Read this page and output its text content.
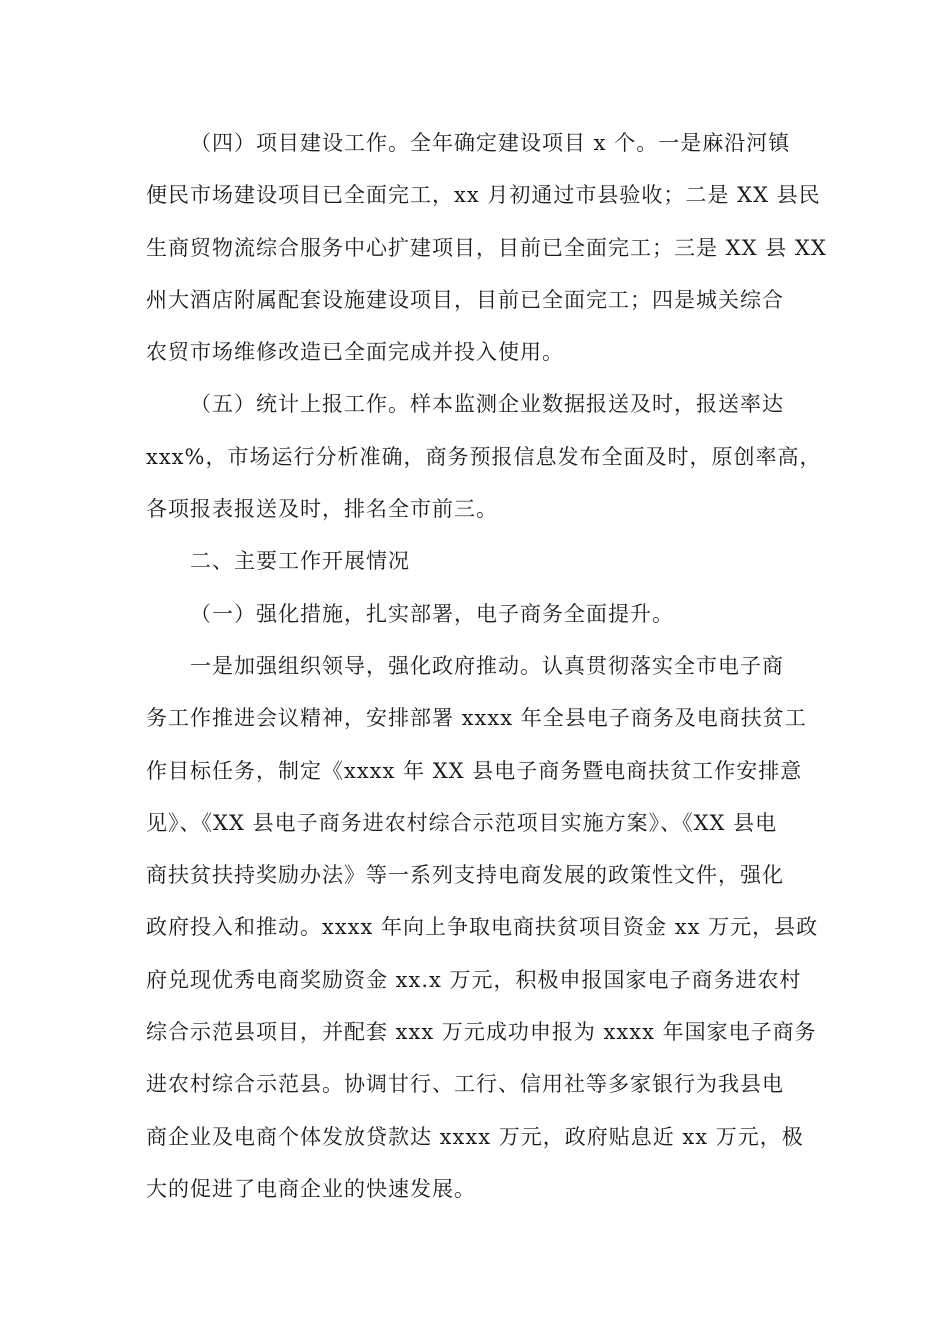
（四）项目建设工作。全年确定建设项目 x 个。一是麻沿河镇
便民市场建设项目已全面完工，xx 月初通过市县验收；二是 XX 县民
生商贸物流综合服务中心扩建项目，目前已全面完工；三是 XX 县 XX
州大酒店附属配套设施建设项目，目前已全面完工；四是城关综合
农贸市场维修改造已全面完成并投入使用。
（五）统计上报工作。样本监测企业数据报送及时，报送率达
xxx%，市场运行分析准确，商务预报信息发布全面及时，原创率高，
各项报表报送及时，排名全市前三。
二、主要工作开展情况
（一）强化措施，扎实部署，电子商务全面提升。
一是加强组织领导，强化政府推动。认真贯彻落实全市电子商
务工作推进会议精神，安排部署 xxxx 年全县电子商务及电商扶贫工
作目标任务，制定《xxxx 年 XX 县电子商务暨电商扶贫工作安排意
见》、《XX 县电子商务进农村综合示范项目实施方案》、《XX 县电
商扶贫扶持奖励办法》等一系列支持电商发展的政策性文件，强化
政府投入和推动。xxxx 年向上争取电商扶贫项目资金 xx 万元，县政
府兑现优秀电商奖励资金 xx.x 万元，积极申报国家电子商务进农村
综合示范县项目，并配套 xxx 万元成功申报为 xxxx 年国家电子商务
进农村综合示范县。协调甘行、工行、信用社等多家银行为我县电
商企业及电商个体发放贷款达 xxxx 万元，政府贴息近 xx 万元，极
大的促进了电商企业的快速发展。
